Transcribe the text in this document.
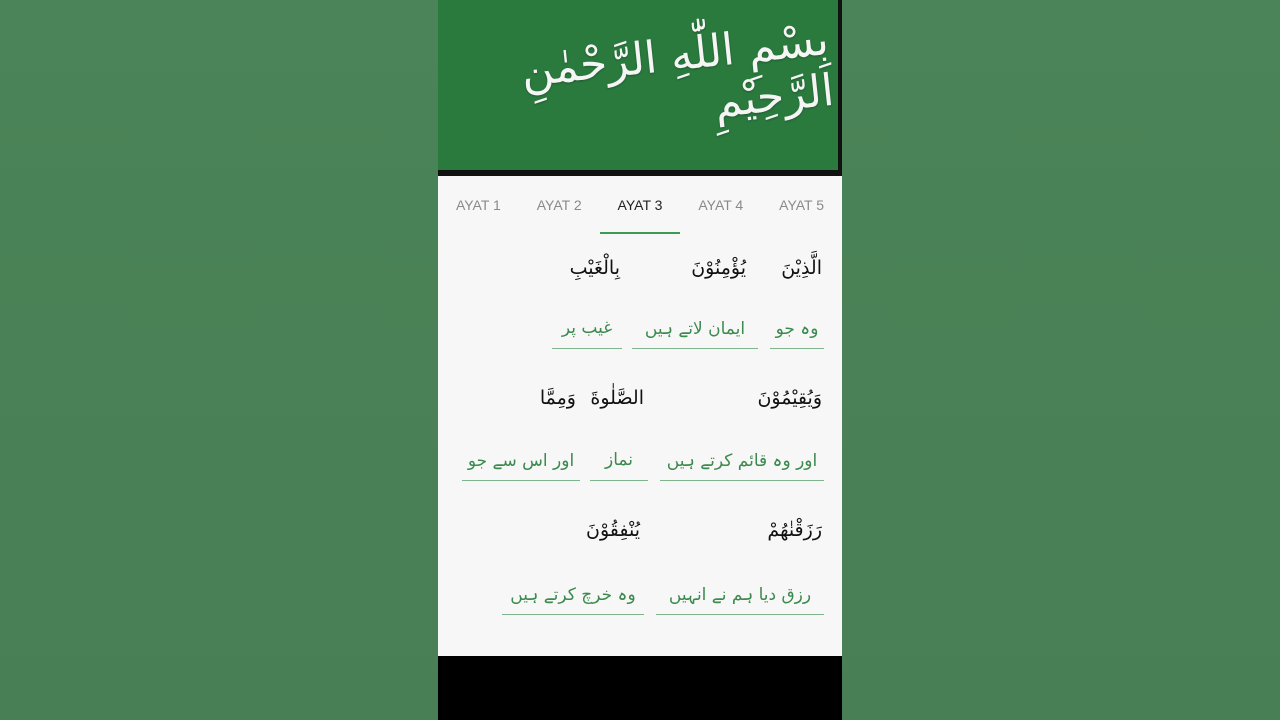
بِسْمِ اللّٰهِ الرَّحْمٰنِ الرَّحِيْمِ
AYAT 1	AYAT 2	AYAT 3	AYAT 4	AYAT 5
الَّذِيْنَ
يُؤْمِنُوْنَ
بِالْغَيْبِ
وہ جو
ایمان لاتے ہیں
غیب پر
وَيُقِيْمُوْنَ
الصَّلٰوةَ
وَمِمَّا
اور وہ قائم کرتے ہیں
نماز
اور اس سے جو
رَزَقْنٰهُمْ
يُنْفِقُوْنَ
رزق دیا ہم نے انہیں
وہ خرچ کرتے ہیں
